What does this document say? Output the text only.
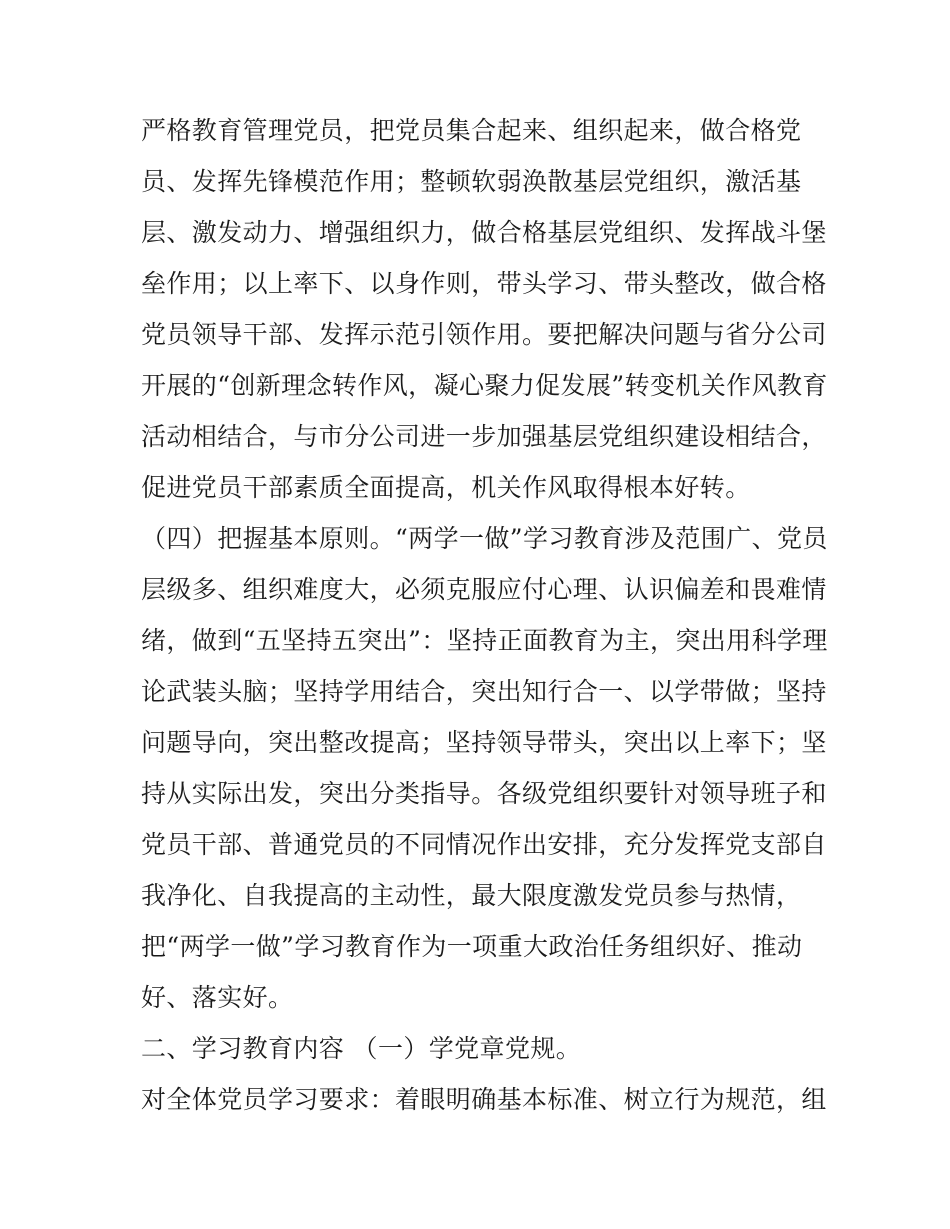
严格教育管理党员，把党员集合起来、组织起来，做合格党
员、发挥先锋模范作用；整顿软弱涣散基层党组织，激活基
层、激发动力、增强组织力，做合格基层党组织、发挥战斗堡
垒作用；以上率下、以身作则，带头学习、带头整改，做合格
党员领导干部、发挥示范引领作用。要把解决问题与省分公司
开展的“创新理念转作风，凝心聚力促发展”转变机关作风教育
活动相结合，与市分公司进一步加强基层党组织建设相结合，
促进党员干部素质全面提高，机关作风取得根本好转。
（四）把握基本原则。“两学一做”学习教育涉及范围广、党员
层级多、组织难度大，必须克服应付心理、认识偏差和畏难情
绪，做到“五坚持五突出”：坚持正面教育为主，突出用科学理
论武装头脑；坚持学用结合，突出知行合一、以学带做；坚持
问题导向，突出整改提高；坚持领导带头，突出以上率下；坚
持从实际出发，突出分类指导。各级党组织要针对领导班子和
党员干部、普通党员的不同情况作出安排，充分发挥党支部自
我净化、自我提高的主动性，最大限度激发党员参与热情，
把“两学一做”学习教育作为一项重大政治任务组织好、推动
好、落实好。
二、学习教育内容 （一）学党章党规。
对全体党员学习要求：着眼明确基本标准、树立行为规范，组
